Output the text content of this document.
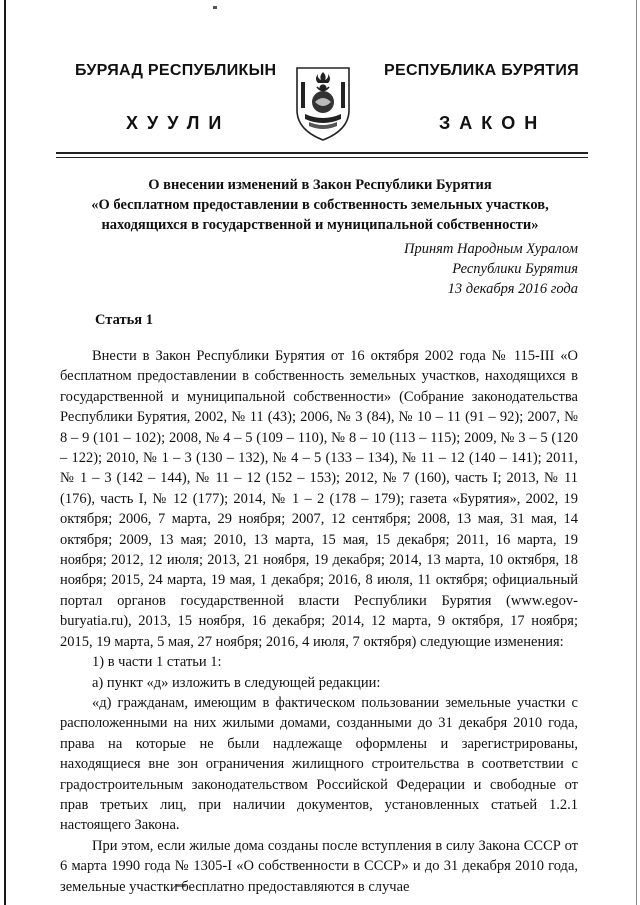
БУРЯАД РЕСПУБЛИКЫН	РЕСПУБЛИКА БУРЯТИЯ
ХУУЛИ	ЗАКОН
О внесении изменений в Закон Республики Бурятия
«О бесплатном предоставлении в собственность земельных участков,
находящихся в государственной и муниципальной собственности»
Принят Народным Хуралом
Республики Бурятия
13 декабря 2016 года
Статья 1

Внести в Закон Республики Бурятия от 16 октября 2002 года № 115-III «О бесплатном предоставлении в собственность земельных участков, находящихся в государственной и муниципальной собственности» (Собрание законодательства Республики Бурятия, 2002, № 11 (43); 2006, № 3 (84), № 10 – 11 (91 – 92); 2007, № 8 – 9 (101 – 102); 2008, № 4 – 5 (109 – 110), № 8 – 10 (113 – 115); 2009, № 3 – 5 (120 – 122); 2010, № 1 – 3 (130 – 132), № 4 – 5 (133 – 134), № 11 – 12 (140 – 141); 2011, № 1 – 3 (142 – 144), № 11 – 12 (152 – 153); 2012, № 7 (160), часть I; 2013, № 11 (176), часть I, № 12 (177); 2014, № 1 – 2 (178 – 179); газета «Бурятия», 2002, 19 октября; 2006, 7 марта, 29 ноября; 2007, 12 сентября; 2008, 13 мая, 31 мая, 14 октября; 2009, 13 мая; 2010, 13 марта, 15 мая, 15 декабря; 2011, 16 марта, 19 ноября; 2012, 12 июля; 2013, 21 ноября, 19 декабря; 2014, 13 марта, 10 октября, 18 ноября; 2015, 24 марта, 19 мая, 1 декабря; 2016, 8 июля, 11 октября; официальный портал органов государственной власти Республики Бурятия (www.egov-buryatia.ru), 2013, 15 ноября, 16 декабря; 2014, 12 марта, 9 октября, 17 ноября; 2015, 19 марта, 5 мая, 27 ноября; 2016, 4 июля, 7 октября) следующие изменения:

1) в части 1 статьи 1:

а) пункт «д» изложить в следующей редакции:

«д) гражданам, имеющим в фактическом пользовании земельные участки с расположенными на них жилыми домами, созданными до 31 декабря 2010 года, права на которые не были надлежаще оформлены и зарегистрированы, находящиеся вне зон ограничения жилищного строительства в соответствии с градостроительным законодательством Российской Федерации и свободные от прав третьих лиц, при наличии документов, установленных статьей 1.2.1 настоящего Закона.

При этом, если жилые дома созданы после вступления в силу Закона СССР от 6 марта 1990 года № 1305-I «О собственности в СССР» и до 31 декабря 2010 года, земельные участки бесплатно предоставляются в случае
